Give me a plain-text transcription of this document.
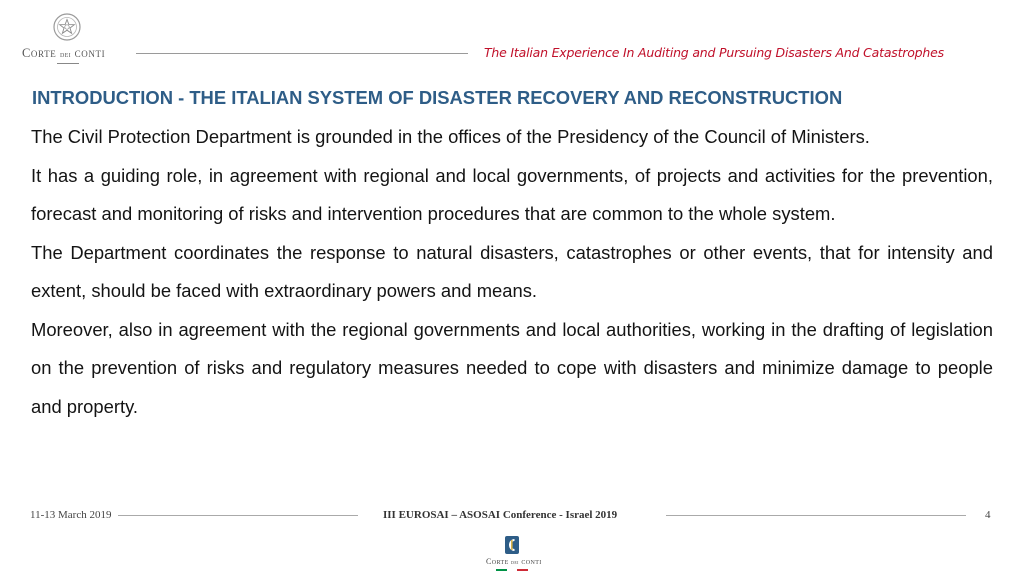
Corte dei conti	The Italian Experience In Auditing and Pursuing Disasters And Catastrophes
INTRODUCTION - THE ITALIAN SYSTEM OF DISASTER RECOVERY AND RECONSTRUCTION

The Civil Protection Department is grounded in the offices of the Presidency of the Council of Ministers.

It has a guiding role, in agreement with regional and local governments, of projects and activities for the prevention, forecast and monitoring of risks and intervention procedures that are common to the whole system.

The Department coordinates the response to natural disasters, catastrophes or other events, that for intensity and extent, should be faced with extraordinary powers and means.

Moreover, also in agreement with the regional governments and local authorities, working in the drafting of legislation on the prevention of risks and regulatory measures needed to cope with disasters and minimize damage to people and property.

11-13 March 2019	III EUROSAI – ASOSAI Conference - Israel 2019	4
Corte dei conti
